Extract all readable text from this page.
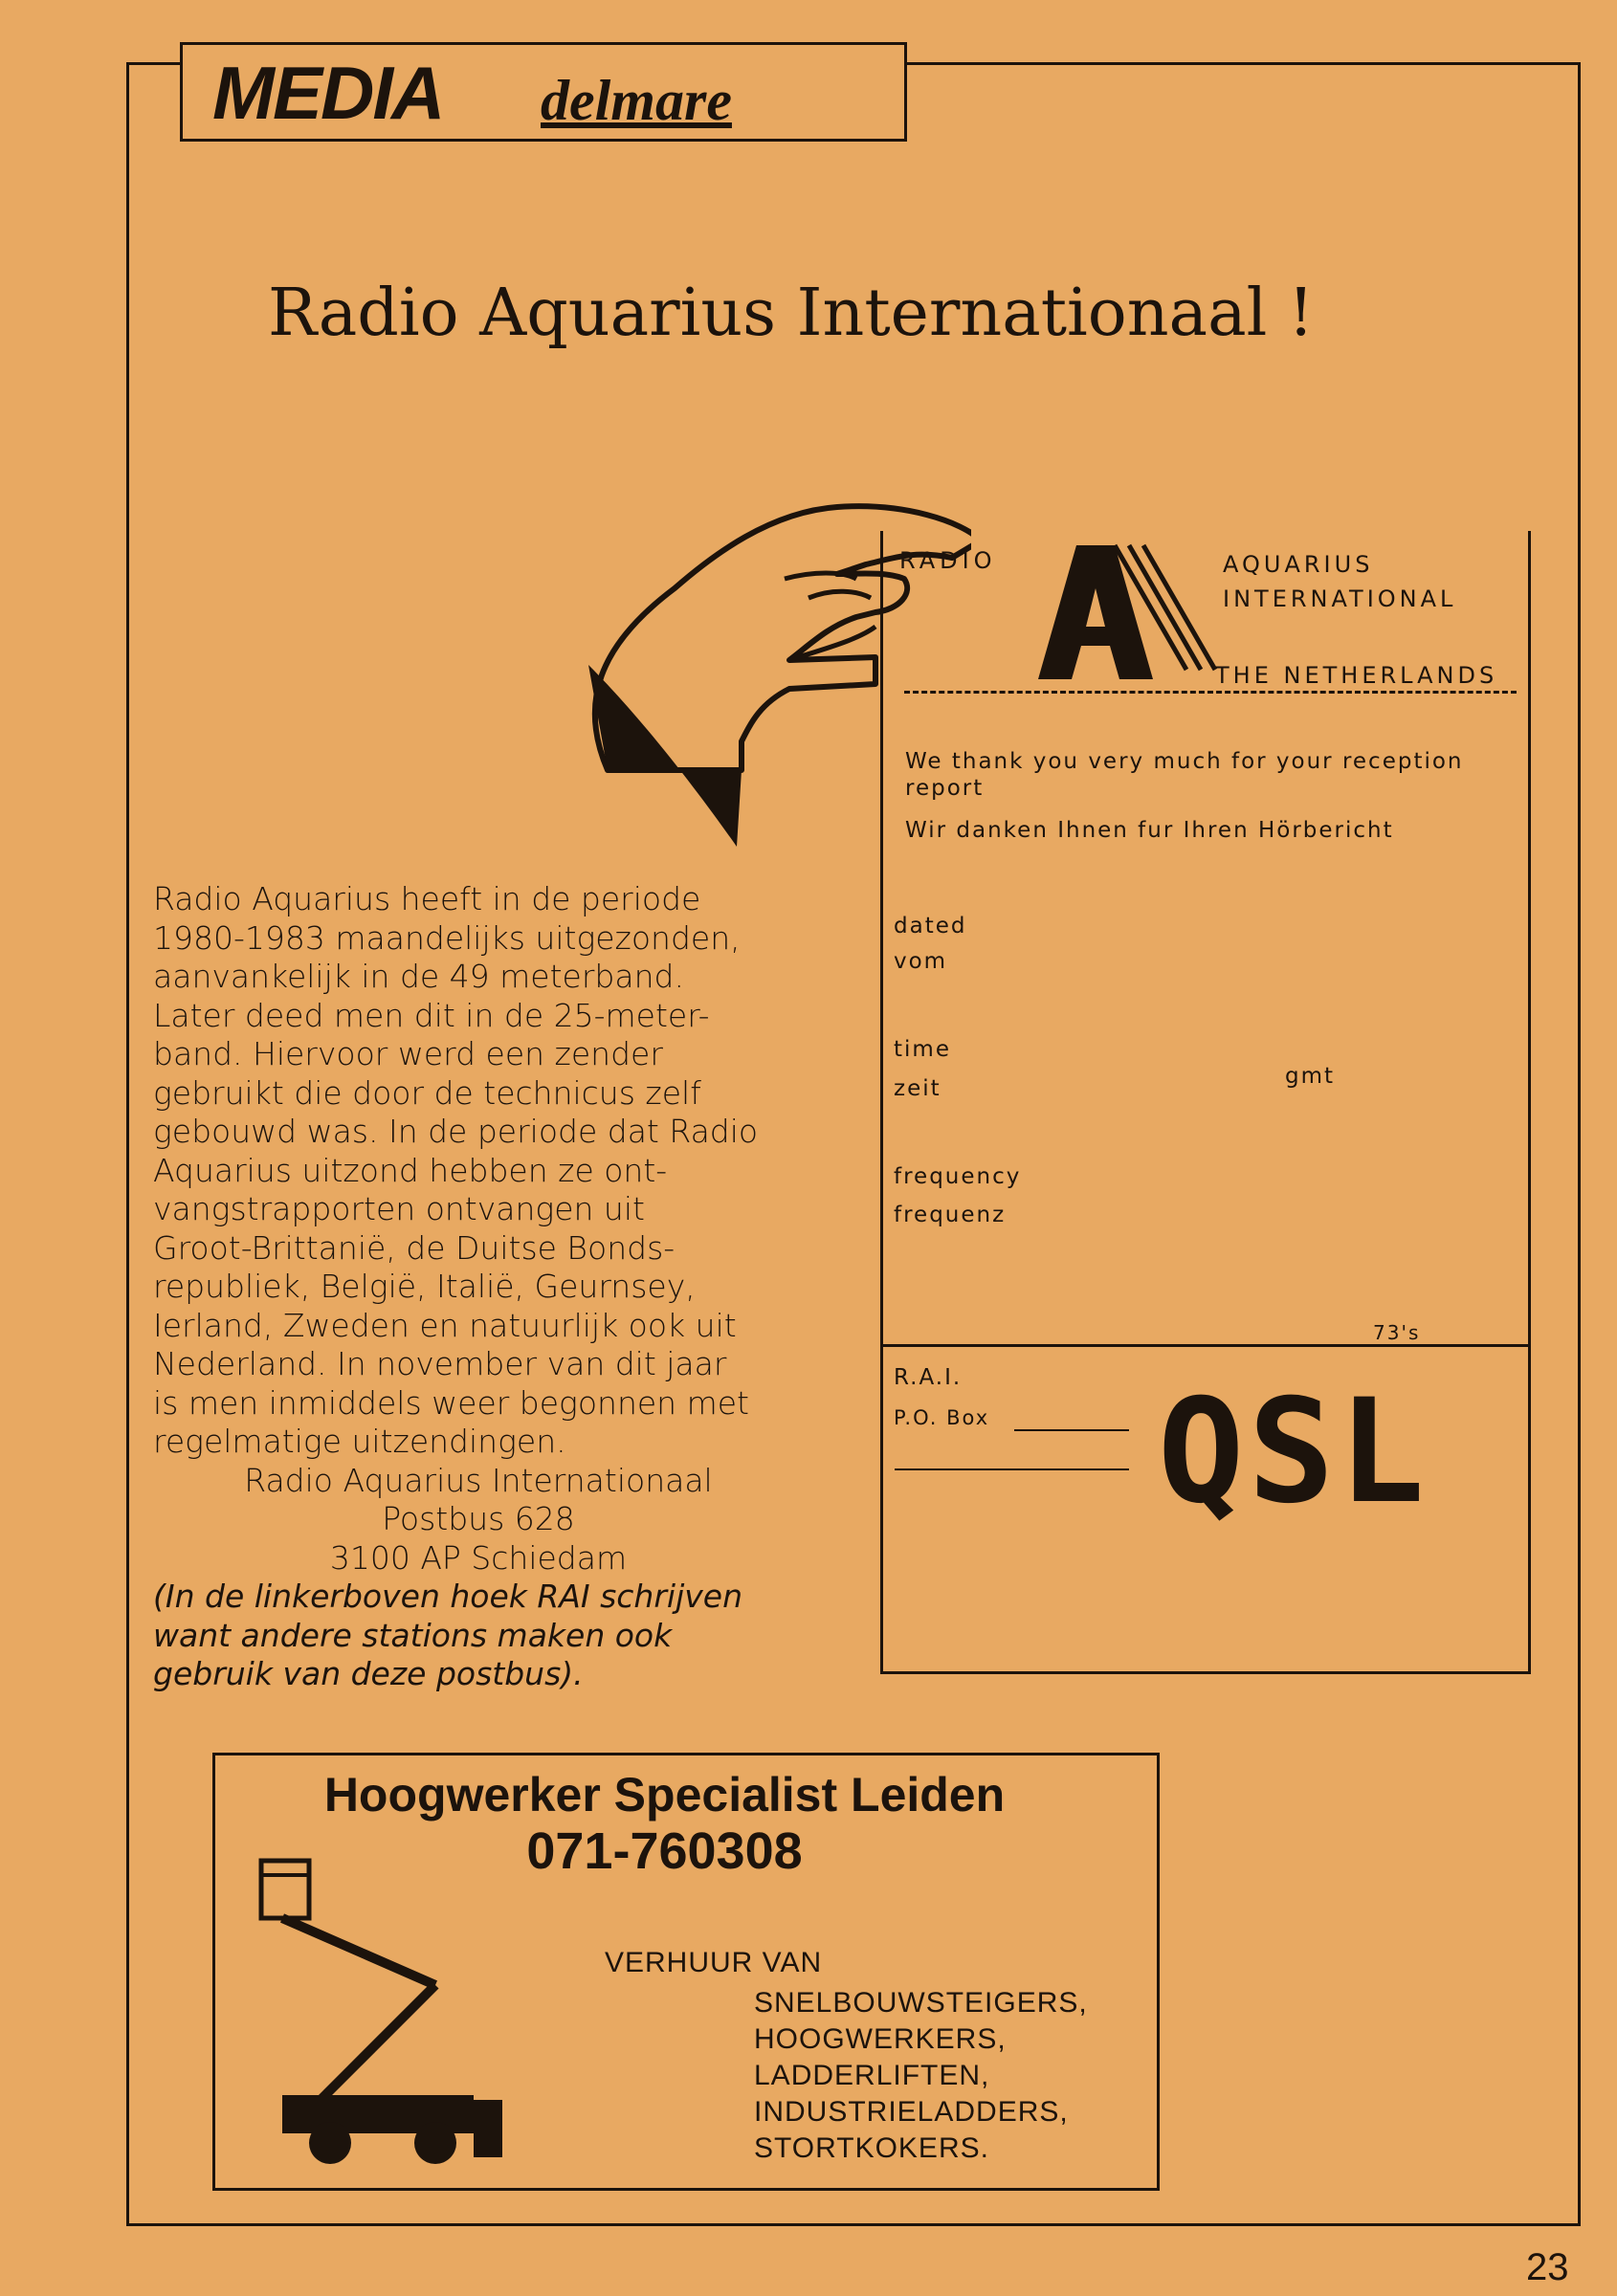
MEDIA delmare
Radio Aquarius Internationaal !
RADIO	AQUARIUS
INTERNATIONAL
THE NETHERLANDS
We thank you very much for your reception report
Wir danken Ihnen fur Ihren Hörbericht
dated
vom
time
zeit	gmt
frequency
frequenz
73's
R.A.I.
P.O. Box QSL
Radio Aquarius heeft in de periode
1980-1983 maandelijks uitgezonden,
aanvankelijk in de 49 meterband.
Later deed men dit in de 25-meter-
band. Hiervoor werd een zender
gebruikt die door de technicus zelf
gebouwd was. In de periode dat Radio
Aquarius uitzond hebben ze ont-
vangstrapporten ontvangen uit
Groot-Brittanië, de Duitse Bonds-
republiek, België, Italië, Geurnsey,
Ierland, Zweden en natuurlijk ook uit
Nederland. In november van dit jaar
is men inmiddels weer begonnen met
regelmatige uitzendingen.
Radio Aquarius Internationaal
Postbus 628
3100 AP Schiedam

(In de linkerboven hoek RAI schrijven

want andere stations maken ook

gebruik van deze postbus).

Hoogwerker Specialist Leiden
071-760308
VERHUUR VAN
SNELBOUWSTEIGERS,
HOOGWERKERS,
LADDERLIFTEN,
INDUSTRIELADDERS,
STORTKOKERS.
23
